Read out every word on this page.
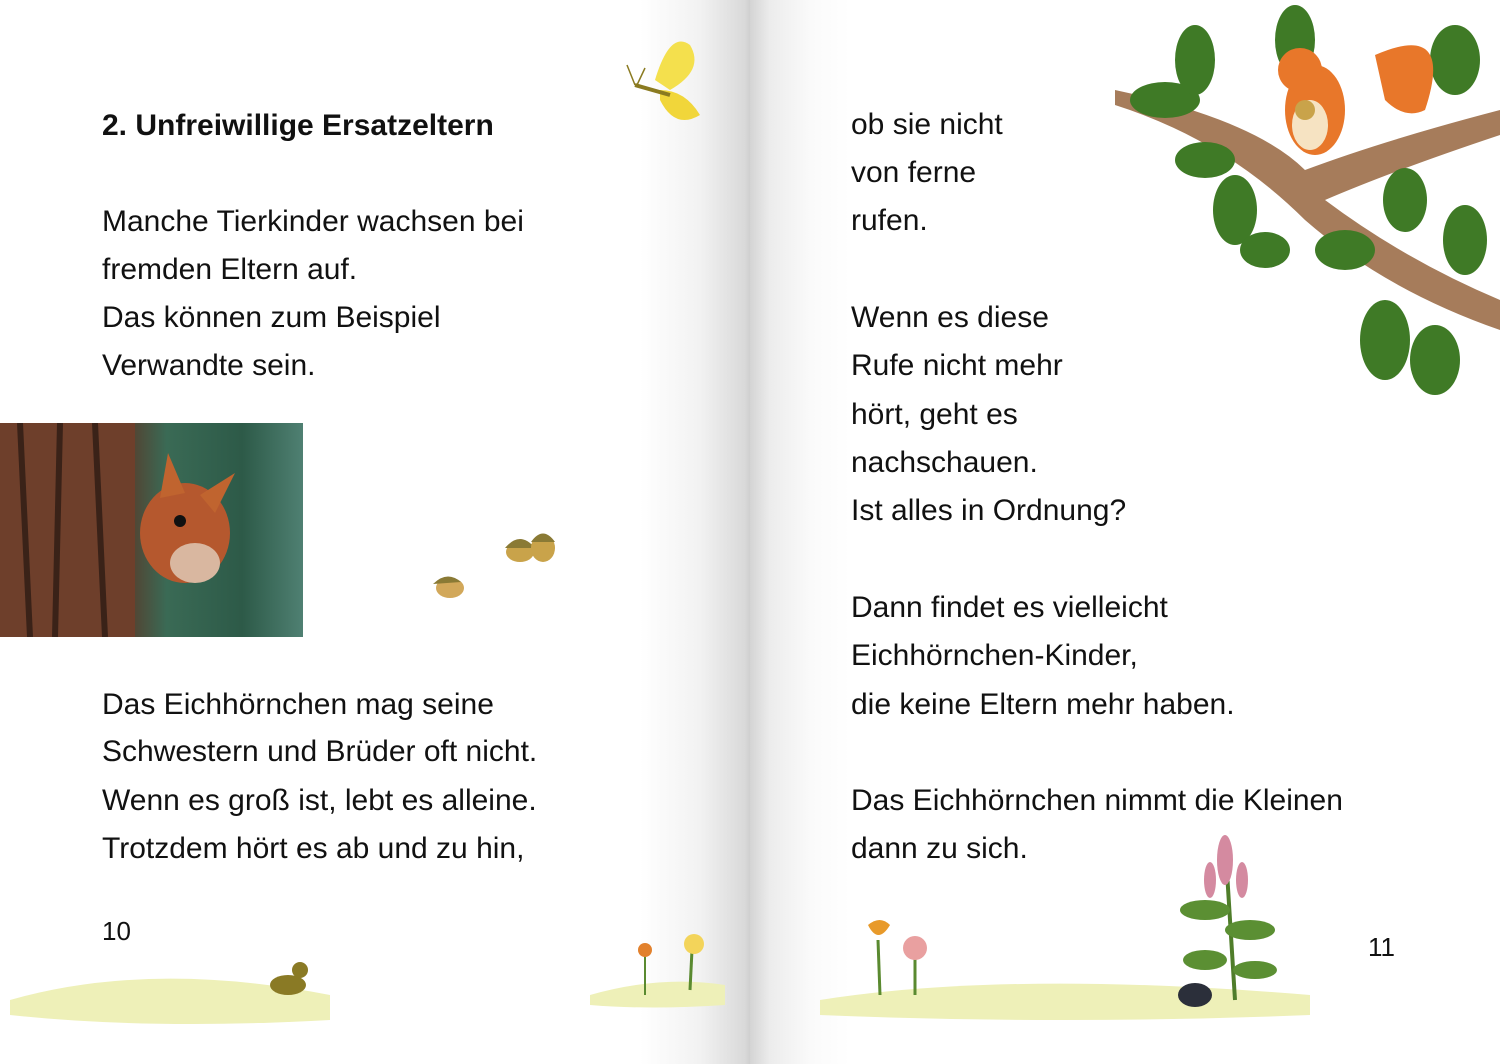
2. Unfreiwillige Ersatzeltern
Manche Tierkinder wachsen bei
fremden Eltern auf.
Das können zum Beispiel
Verwandte sein.
Das Eichhörnchen mag seine
Schwestern und Brüder oft nicht.
Wenn es groß ist, lebt es alleine.
Trotzdem hört es ab und zu hin,
10
ob sie nicht
von ferne
rufen.
Wenn es diese
Rufe nicht mehr
hört, geht es
nachschauen.
Ist alles in Ordnung?
Dann findet es vielleicht
Eichhörnchen-Kinder,
die keine Eltern mehr haben.
Das Eichhörnchen nimmt die Kleinen
dann zu sich.
11
